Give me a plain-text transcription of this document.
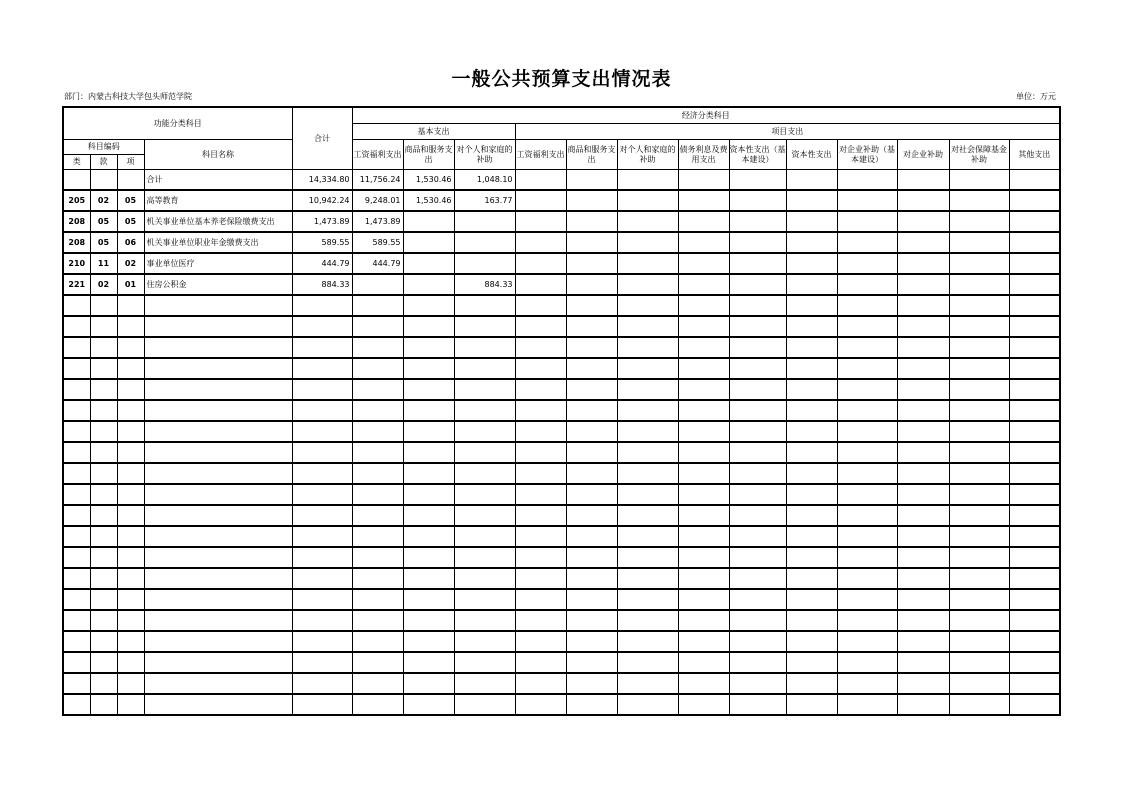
一般公共预算支出情况表
部门：内蒙古科技大学包头师范学院	单位：万元
功能分类科目				合计	经济分类科目												
					基本支出			项目支出									
科目编码			科目名称		工资福利支出	商品和服务支出	对个人和家庭的补助	工资福利支出	商品和服务支出	对个人和家庭的补助	债务利息及费用支出	资本性支出（基本建设）	资本性支出	对企业补助（基本建设）	对企业补助	对社会保障基金补助	其他支出
类	款	项															
			合计	14,334.80	11,756.24	1,530.46	1,048.10										
205	02	05	高等教育	10,942.24	9,248.01	1,530.46	163.77										
208	05	05	机关事业单位基本养老保险缴费支出	1,473.89	1,473.89												
208	05	06	机关事业单位职业年金缴费支出	589.55	589.55												
210	11	02	事业单位医疗	444.79	444.79												
221	02	01	住房公积金	884.33			884.33										
